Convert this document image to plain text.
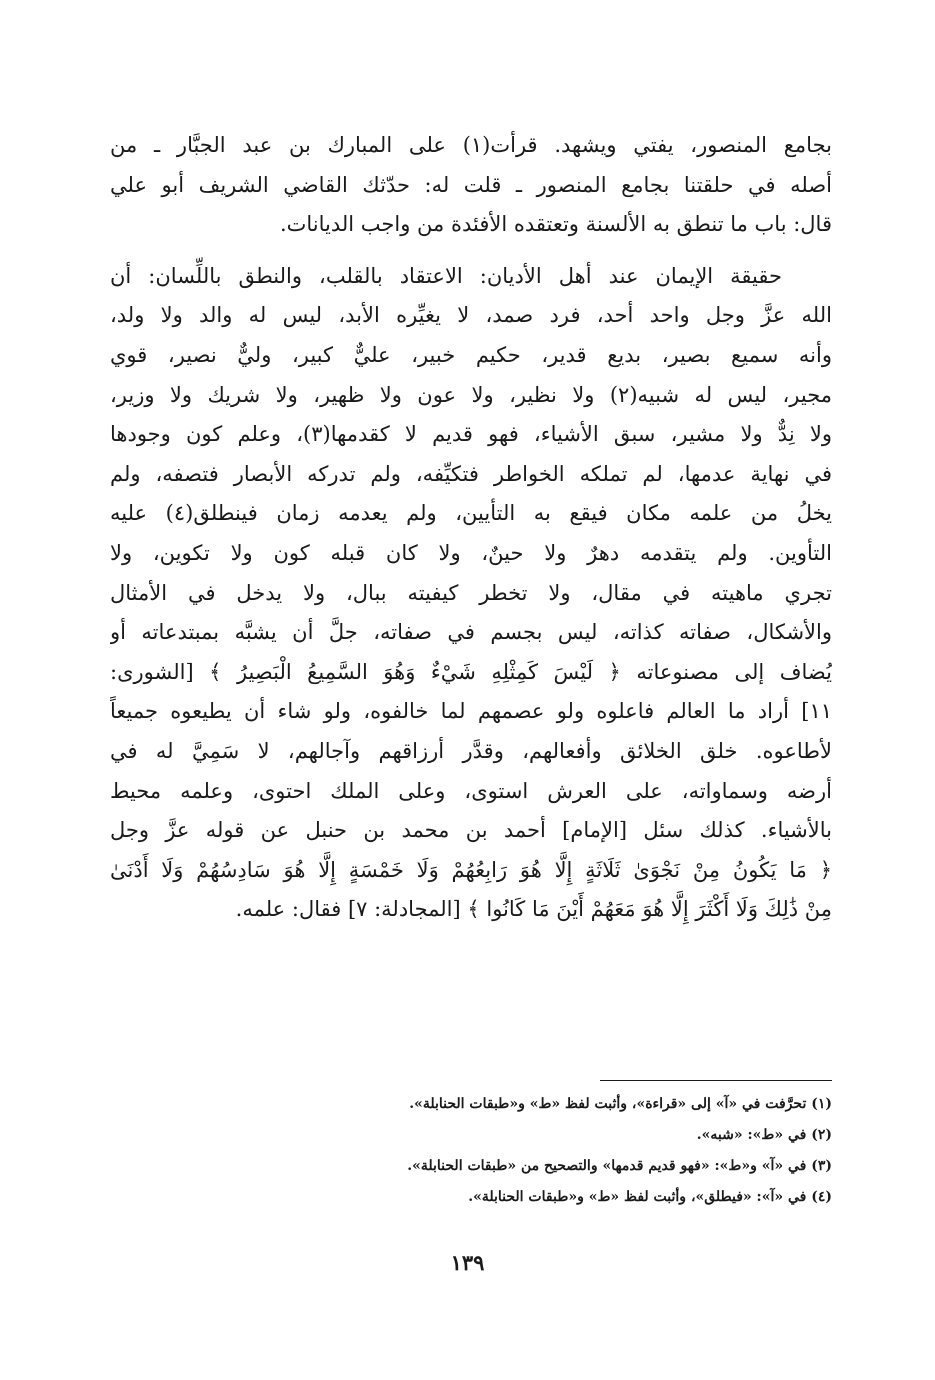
بجامع المنصور، يفتي ويشهد. قرأت(١) على المبارك بن عبد الجبَّار ـ من
أصله في حلقتنا بجامع المنصور ـ قلت له: حدّثك القاضي الشريف أبو علي
قال: باب ما تنطق به الألسنة وتعتقده الأفئدة من واجب الديانات.
حقيقة الإيمان عند أهل الأديان: الاعتقاد بالقلب، والنطق باللِّسان: أن
الله عزَّ وجل واحد أحد، فرد صمد، لا يغيِّره الأبد، ليس له والد ولا ولد،
وأنه سميع بصير، بديع قدير، حكيم خبير، عليٌّ كبير، وليٌّ نصير، قوي
مجير، ليس له شبيه(٢) ولا نظير، ولا عون ولا ظهير، ولا شريك ولا وزير،
ولا نِدٌّ ولا مشير، سبق الأشياء، فهو قديم لا كقدمها(٣)، وعلم كون وجودها
في نهاية عدمها، لم تملكه الخواطر فتكيِّفه، ولم تدركه الأبصار فتصفه، ولم
يخلُ من علمه مكان فيقع به التأيين، ولم يعدمه زمان فينطلق(٤) عليه
التأوين. ولم يتقدمه دهرٌ ولا حينٌ، ولا كان قبله كون ولا تكوين، ولا
تجري ماهيته في مقال، ولا تخطر كيفيته ببال، ولا يدخل في الأمثال
والأشكال، صفاته كذاته، ليس بجسم في صفاته، جلَّ أن يشبَّه بمبتدعاته أو
يُضاف إلى مصنوعاته ﴿ لَيْسَ كَمِثْلِهِ شَيْءٌ وَهُوَ السَّمِيعُ الْبَصِيرُ ﴾ [الشورى:
١١] أراد ما العالم فاعلوه ولو عصمهم لما خالفوه، ولو شاء أن يطيعوه جميعاً
لأطاعوه. خلق الخلائق وأفعالهم، وقدَّر أرزاقهم وآجالهم، لا سَمِيَّ له في
أرضه وسماواته، على العرش استوى، وعلى الملك احتوى، وعلمه محيط
بالأشياء. كذلك سئل [الإمام] أحمد بن محمد بن حنبل عن قوله عزَّ وجل
﴿ مَا يَكُونُ مِنْ نَجْوَىٰ ثَلَاثَةٍ إِلَّا هُوَ رَابِعُهُمْ وَلَا خَمْسَةٍ إِلَّا هُوَ سَادِسُهُمْ وَلَا أَدْنَىٰ
مِنْ ذَٰلِكَ وَلَا أَكْثَرَ إِلَّا هُوَ مَعَهُمْ أَيْنَ مَا كَانُوا ﴾ [المجادلة: ٧] فقال: علمه.
(١) تحرَّفت في «آ» إلى «قراءة»، وأثبت لفظ «ط» و«طبقات الحنابلة».
(٢) في «ط»: «شبه».
(٣) في «آ» و«ط»: «فهو قديم قدمها» والتصحيح من «طبقات الحنابلة».
(٤) في «آ»: «فيطلق»، وأثبت لفظ «ط» و«طبقات الحنابلة».
١٣٩
